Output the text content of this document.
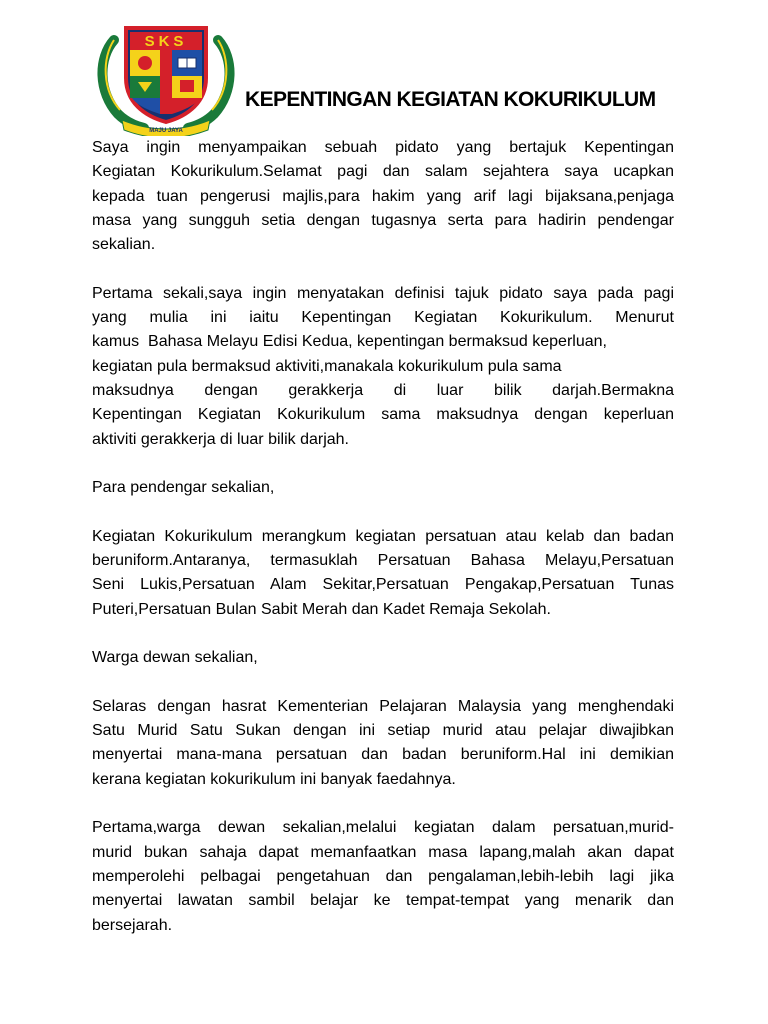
SKS
MAJU JAYA
KEPENTINGAN KEGIATAN KOKURIKULUM

Saya ingin menyampaikan sebuah pidato yang bertajuk Kepentingan
Kegiatan Kokurikulum.Selamat pagi dan salam sejahtera saya ucapkan
kepada tuan pengerusi majlis,para hakim yang arif lagi bijaksana,penjaga
masa yang sungguh setia dengan tugasnya serta para hadirin pendengar
sekalian.

Pertama sekali,saya ingin menyatakan definisi tajuk pidato saya pada pagi
yang mulia ini iaitu Kepentingan Kegiatan Kokurikulum. Menurut
kamus  Bahasa Melayu Edisi Kedua, kepentingan bermaksud keperluan,
kegiatan pula bermaksud aktiviti,manakala kokurikulum pula sama
maksudnya dengan gerakkerja di luar bilik darjah.Bermakna
Kepentingan Kegiatan Kokurikulum sama maksudnya dengan keperluan
aktiviti gerakkerja di luar bilik darjah.

Para pendengar sekalian,

Kegiatan Kokurikulum merangkum kegiatan persatuan atau kelab dan badan
beruniform.Antaranya, termasuklah Persatuan Bahasa Melayu,Persatuan
Seni Lukis,Persatuan Alam Sekitar,Persatuan Pengakap,Persatuan Tunas
Puteri,Persatuan Bulan Sabit Merah dan Kadet Remaja Sekolah.

Warga dewan sekalian,

Selaras dengan hasrat Kementerian Pelajaran Malaysia yang menghendaki
Satu Murid Satu Sukan dengan ini setiap murid atau pelajar diwajibkan
menyertai mana-mana persatuan dan badan beruniform.Hal ini demikian
kerana kegiatan kokurikulum ini banyak faedahnya.

Pertama,warga dewan sekalian,melalui kegiatan dalam persatuan,murid-
murid bukan sahaja dapat memanfaatkan masa lapang,malah akan dapat
memperolehi pelbagai pengetahuan dan pengalaman,lebih-lebih lagi jika
menyertai lawatan sambil belajar ke tempat-tempat yang menarik dan
bersejarah.
